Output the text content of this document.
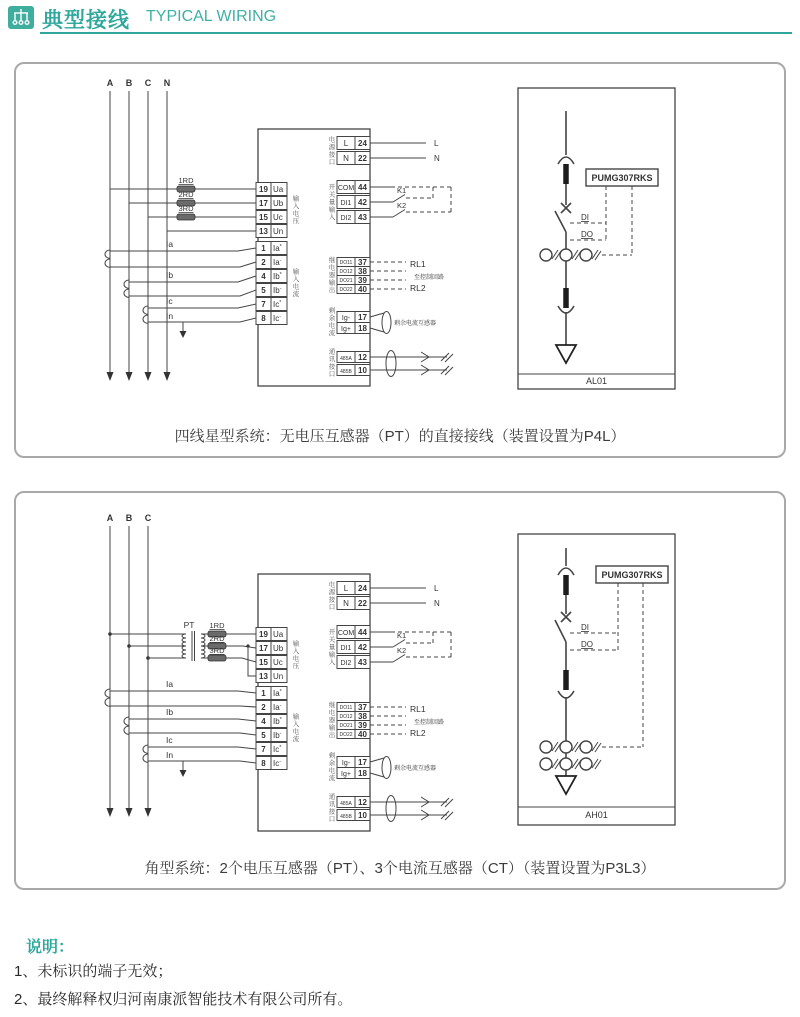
典型接线 TYPICAL WIRING
A B C N
1RD
2RD
3RD
Ia
Ib
Ic
In
19 Ua
17 Ub
15 Uc
13 Un
输入电压
1 Ia*
2 Ia-
4 Ib*
5 Ib-
7 Ic*
8 Ic-
输入电流
L 24
N 22
电源接口	L
N
COM 44
DI1 42
DI2 43
开关量输入	K1
K2
DO11 37
DO12 38
DO21 39
DO22 40
继电器输出	RL1
至控制回路
RL2
Ig- 17
Ig+ 18
剩余电流	剩余电流互感器
485A 12
485B 10
通讯接口
AL01
PUMG307RKS
DI
DO
四线星型系统：无电压互感器（PT）的直接接线（装置设置为P4L）
A B C
PT 1RD
2RD
3RD
Ia
Ib
Ic
In
19 Ua
17 Ub
15 Uc
13 Un
输入电压
1 Ia*
2 Ia-
4 Ib*
5 Ib-
7 Ic*
8 Ic-
输入电流
L 24
N 22
电源接口	L
N
COM 44
DI1 42
DI2 43
开关量输入	K1
K2
DO11 37
DO12 38
DO21 39
DO22 40
继电器输出	RL1
至控制回路
RL2
Ig- 17
Ig+ 18
剩余电流	剩余电流互感器
485A 12
485B 10
通讯接口	AH01
PUMG307RKS
DI
DO
角型系统：2个电压互感器（PT）、3个电流互感器（CT）（装置设置为P3L3）
说明：
1、未标识的端子无效；
2、最终解释权归河南康派智能技术有限公司所有。
